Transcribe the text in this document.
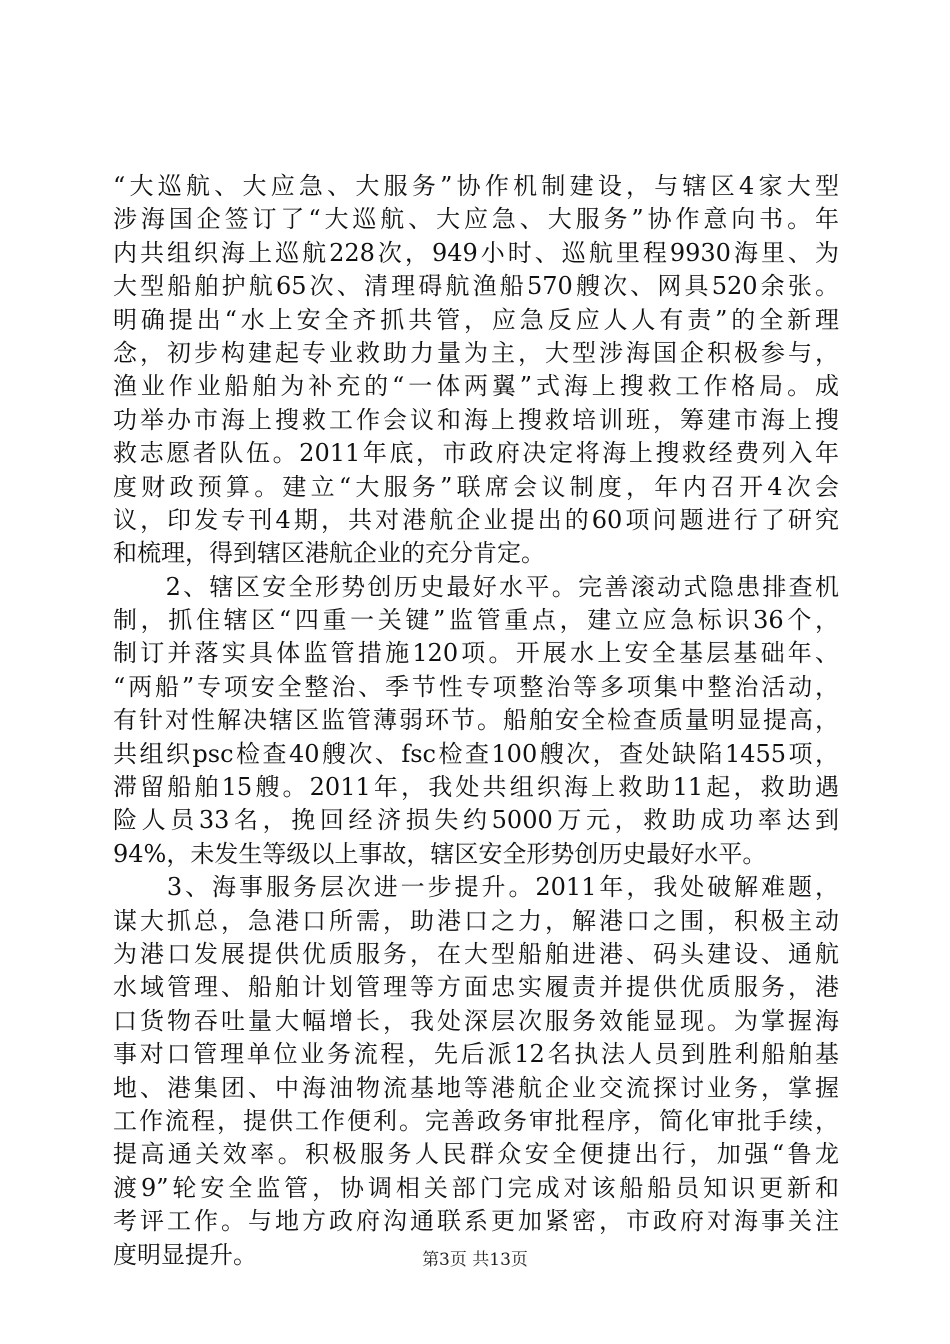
“大巡航、大应急、大服务”协作机制建设，与辖区4家大型
涉海国企签订了“大巡航、大应急、大服务”协作意向书。年
内共组织海上巡航228次，949小时、巡航里程9930海里、为
大型船舶护航65次、清理碍航渔船570艘次、网具520余张。
明确提出“水上安全齐抓共管，应急反应人人有责”的全新理
念，初步构建起专业救助力量为主，大型涉海国企积极参与，
渔业作业船舶为补充的“一体两翼”式海上搜救工作格局。成
功举办市海上搜救工作会议和海上搜救培训班，筹建市海上搜
救志愿者队伍。2011年底，市政府决定将海上搜救经费列入年
度财政预算。建立“大服务”联席会议制度，年内召开4次会
议，印发专刊4期，共对港航企业提出的60项问题进行了研究
和梳理，得到辖区港航企业的充分肯定。
　　2、辖区安全形势创历史最好水平。完善滚动式隐患排查机
制，抓住辖区“四重一关键”监管重点，建立应急标识36个，
制订并落实具体监管措施120项。开展水上安全基层基础年、
“两船”专项安全整治、季节性专项整治等多项集中整治活动，
有针对性解决辖区监管薄弱环节。船舶安全检查质量明显提高，
共组织psc检查40艘次、fsc检查100艘次，查处缺陷1455项，
滞留船舶15艘。2011年，我处共组织海上救助11起，救助遇
险人员33名，挽回经济损失约5000万元，救助成功率达到
94%，未发生等级以上事故，辖区安全形势创历史最好水平。
　　3、海事服务层次进一步提升。2011年，我处破解难题，
谋大抓总，急港口所需，助港口之力，解港口之围，积极主动
为港口发展提供优质服务，在大型船舶进港、码头建设、通航
水域管理、船舶计划管理等方面忠实履责并提供优质服务，港
口货物吞吐量大幅增长，我处深层次服务效能显现。为掌握海
事对口管理单位业务流程，先后派12名执法人员到胜利船舶基
地、港集团、中海油物流基地等港航企业交流探讨业务，掌握
工作流程，提供工作便利。完善政务审批程序，简化审批手续，
提高通关效率。积极服务人民群众安全便捷出行，加强“鲁龙
渡9”轮安全监管，协调相关部门完成对该船船员知识更新和
考评工作。与地方政府沟通联系更加紧密，市政府对海事关注
度明显提升。	第3页 共13页
